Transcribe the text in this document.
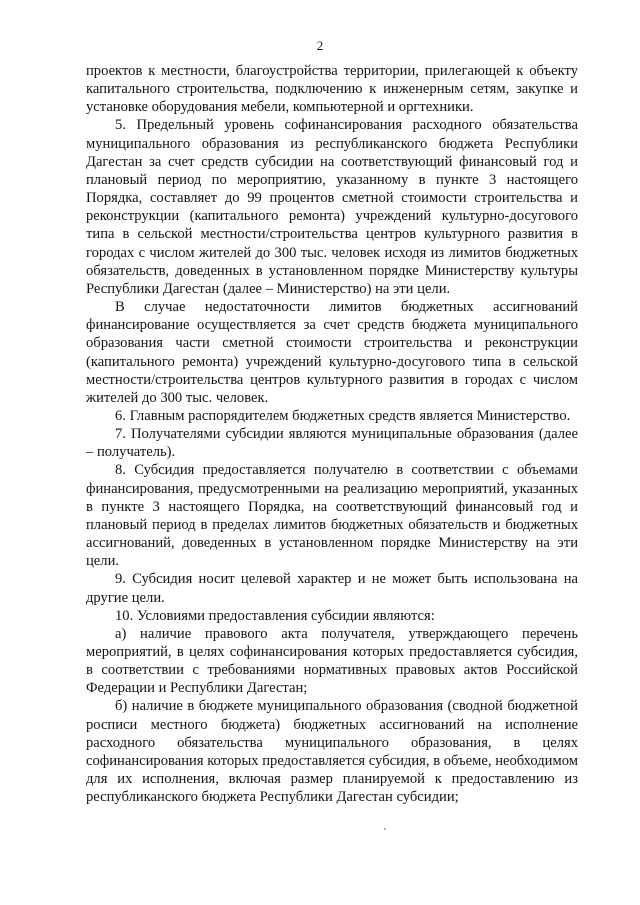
2

проектов к местности, благоустройства территории, прилегающей к объекту капитального строительства, подключению к инженерным сетям, закупке и установке оборудования мебели, компьютерной и оргтехники.

5. Предельный уровень софинансирования расходного обязательства муниципального образования из республиканского бюджета Республики Дагестан за счет средств субсидии на соответствующий финансовый год и плановый период по мероприятию, указанному в пункте 3 настоящего Порядка, составляет до 99 процентов сметной стоимости строительства и реконструкции (капитального ремонта) учреждений культурно-досугового типа в сельской местности/строительства центров культурного развития в городах с числом жителей до 300 тыс. человек исходя из лимитов бюджетных обязательств, доведенных в установленном порядке Министерству культуры Республики Дагестан (далее – Министерство) на эти цели.

В случае недостаточности лимитов бюджетных ассигнований финансирование осуществляется за счет средств бюджета муниципального образования части сметной стоимости строительства и реконструкции (капитального ремонта) учреждений культурно-досугового типа в сельской местности/строительства центров культурного развития в городах с числом жителей до 300 тыс. человек.

6. Главным распорядителем бюджетных средств является Министерство.

7. Получателями субсидии являются муниципальные образования (далее – получатель).

8. Субсидия предоставляется получателю в соответствии с объемами финансирования, предусмотренными на реализацию мероприятий, указанных в пункте 3 настоящего Порядка, на соответствующий финансовый год и плановый период в пределах лимитов бюджетных обязательств и бюджетных ассигнований, доведенных в установленном порядке Министерству на эти цели.

9. Субсидия носит целевой характер и не может быть использована на другие цели.

10. Условиями предоставления субсидии являются:

а) наличие правового акта получателя, утверждающего перечень мероприятий, в целях софинансирования которых предоставляется субсидия, в соответствии с требованиями нормативных правовых актов Российской Федерации и Республики Дагестан;

б) наличие в бюджете муниципального образования (сводной бюджетной росписи местного бюджета) бюджетных ассигнований на исполнение расходного обязательства муниципального образования, в целях софинансирования которых предоставляется субсидия, в объеме, необходимом для их исполнения, включая размер планируемой к предоставлению из республиканского бюджета Республики Дагестан субсидии;
